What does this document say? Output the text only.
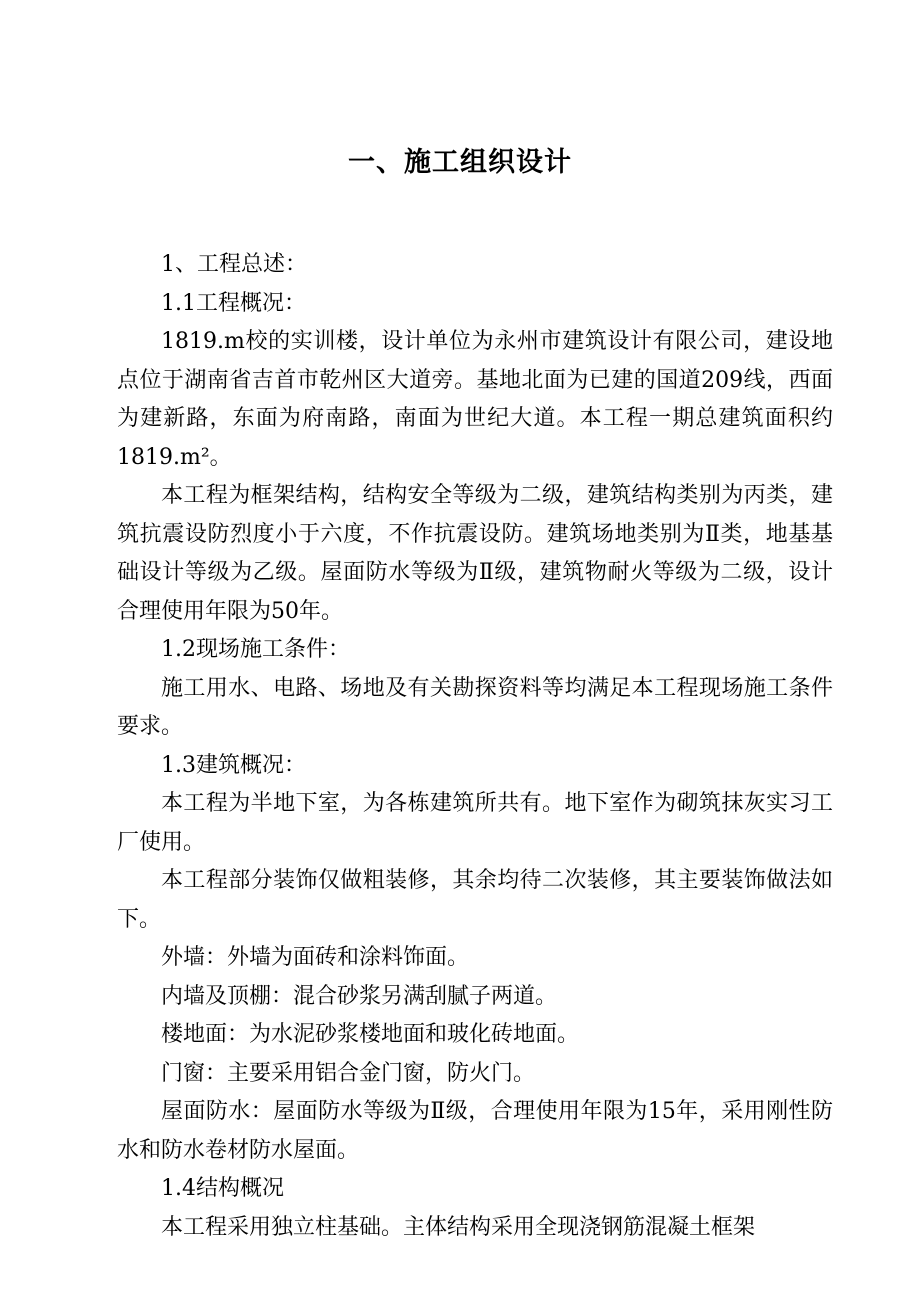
一、施工组织设计

1、工程总述：

1.1工程概况：

1819.m校的实训楼，设计单位为永州市建筑设计有限公司，建设地点位于湖南省吉首市乾州区大道旁。基地北面为已建的国道209线，西面为建新路，东面为府南路，南面为世纪大道。本工程一期总建筑面积约1819.m²。

本工程为框架结构，结构安全等级为二级，建筑结构类别为丙类，建筑抗震设防烈度小于六度，不作抗震设防。建筑场地类别为Ⅱ类，地基基础设计等级为乙级。屋面防水等级为Ⅱ级，建筑物耐火等级为二级，设计合理使用年限为50年。

1.2现场施工条件：

施工用水、电路、场地及有关勘探资料等均满足本工程现场施工条件要求。

1.3建筑概况：

本工程为半地下室，为各栋建筑所共有。地下室作为砌筑抹灰实习工厂使用。

本工程部分装饰仅做粗装修，其余均待二次装修，其主要装饰做法如下。

外墙：外墙为面砖和涂料饰面。

内墙及顶棚：混合砂浆另满刮腻子两道。

楼地面：为水泥砂浆楼地面和玻化砖地面。

门窗：主要采用铝合金门窗，防火门。

屋面防水：屋面防水等级为Ⅱ级，合理使用年限为15年，采用刚性防水和防水卷材防水屋面。

1.4结构概况

本工程采用独立柱基础。主体结构采用全现浇钢筋混凝土框架
